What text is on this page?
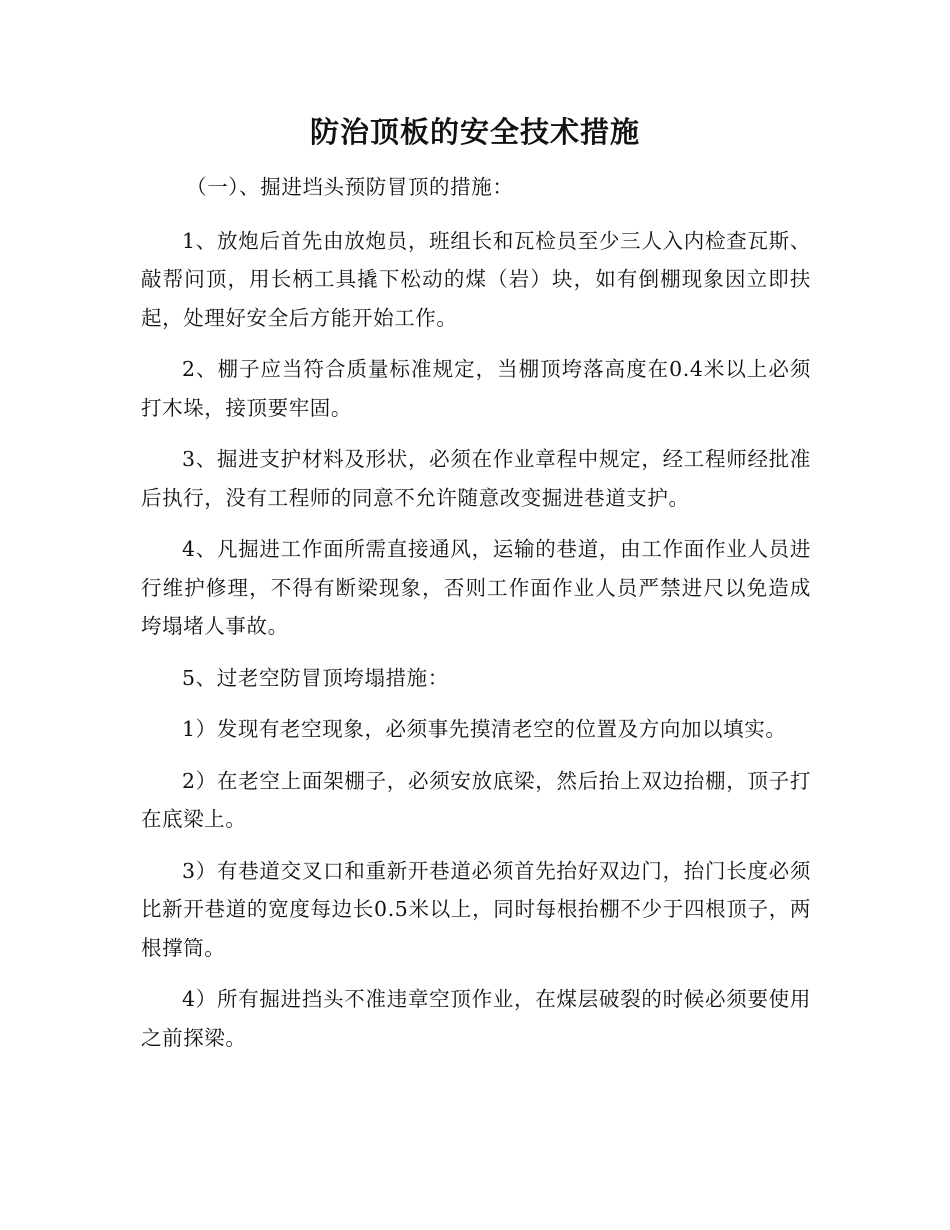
防治顶板的安全技术措施

（一）、掘进垱头预防冒顶的措施：

1、放炮后首先由放炮员，班组长和瓦检员至少三人入内检查瓦斯、敲帮问顶，用长柄工具撬下松动的煤（岩）块，如有倒棚现象因立即扶起，处理好安全后方能开始工作。

2、棚子应当符合质量标准规定，当棚顶垮落高度在0.4米以上必须打木垛，接顶要牢固。

3、掘进支护材料及形状，必须在作业章程中规定，经工程师经批准后执行，没有工程师的同意不允许随意改变掘进巷道支护。

4、凡掘进工作面所需直接通风，运输的巷道，由工作面作业人员进行维护修理，不得有断梁现象，否则工作面作业人员严禁进尺以免造成垮塌堵人事故。

5、过老空防冒顶垮塌措施：

1）发现有老空现象，必须事先摸清老空的位置及方向加以填实。

2）在老空上面架棚子，必须安放底梁，然后抬上双边抬棚，顶子打在底梁上。

3）有巷道交叉口和重新开巷道必须首先抬好双边门，抬门长度必须比新开巷道的宽度每边长0.5米以上，同时每根抬棚不少于四根顶子，两根撑筒。

4）所有掘进挡头不准违章空顶作业，在煤层破裂的时候必须要使用之前探梁。
